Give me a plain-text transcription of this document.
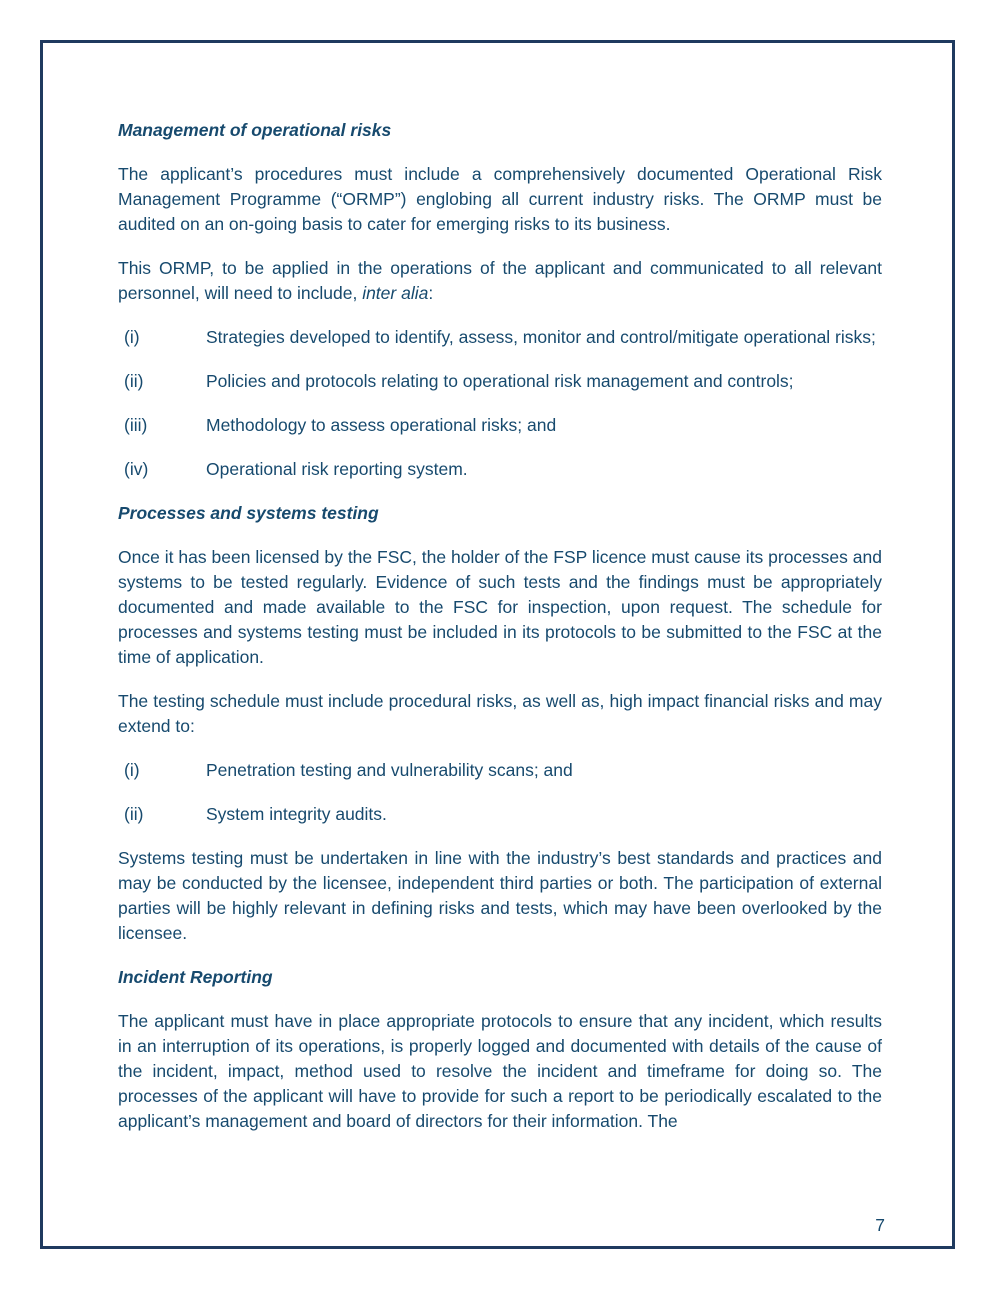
Management of operational risks

The applicant’s procedures must include a comprehensively documented Operational Risk Management Programme (“ORMP”) englobing all current industry risks. The ORMP must be audited on an on-going basis to cater for emerging risks to its business.

This ORMP, to be applied in the operations of the applicant and communicated to all relevant personnel, will need to include, inter alia:

(i)	Strategies developed to identify, assess, monitor and control/mitigate operational risks;
(ii)	Policies and protocols relating to operational risk management and controls;
(iii)	Methodology to assess operational risks; and
(iv)	Operational risk reporting system.
Processes and systems testing

Once it has been licensed by the FSC, the holder of the FSP licence must cause its processes and systems to be tested regularly. Evidence of such tests and the findings must be appropriately documented and made available to the FSC for inspection, upon request. The schedule for processes and systems testing must be included in its protocols to be submitted to the FSC at the time of application.

The testing schedule must include procedural risks, as well as, high impact financial risks and may extend to:

(i)	Penetration testing and vulnerability scans; and
(ii)	System integrity audits.

Systems testing must be undertaken in line with the industry’s best standards and practices and may be conducted by the licensee, independent third parties or both. The participation of external parties will be highly relevant in defining risks and tests, which may have been overlooked by the licensee.

Incident Reporting

The applicant must have in place appropriate protocols to ensure that any incident, which results in an interruption of its operations, is properly logged and documented with details of the cause of the incident, impact, method used to resolve the incident and timeframe for doing so. The processes of the applicant will have to provide for such a report to be periodically escalated to the applicant’s management and board of directors for their information. The

7
